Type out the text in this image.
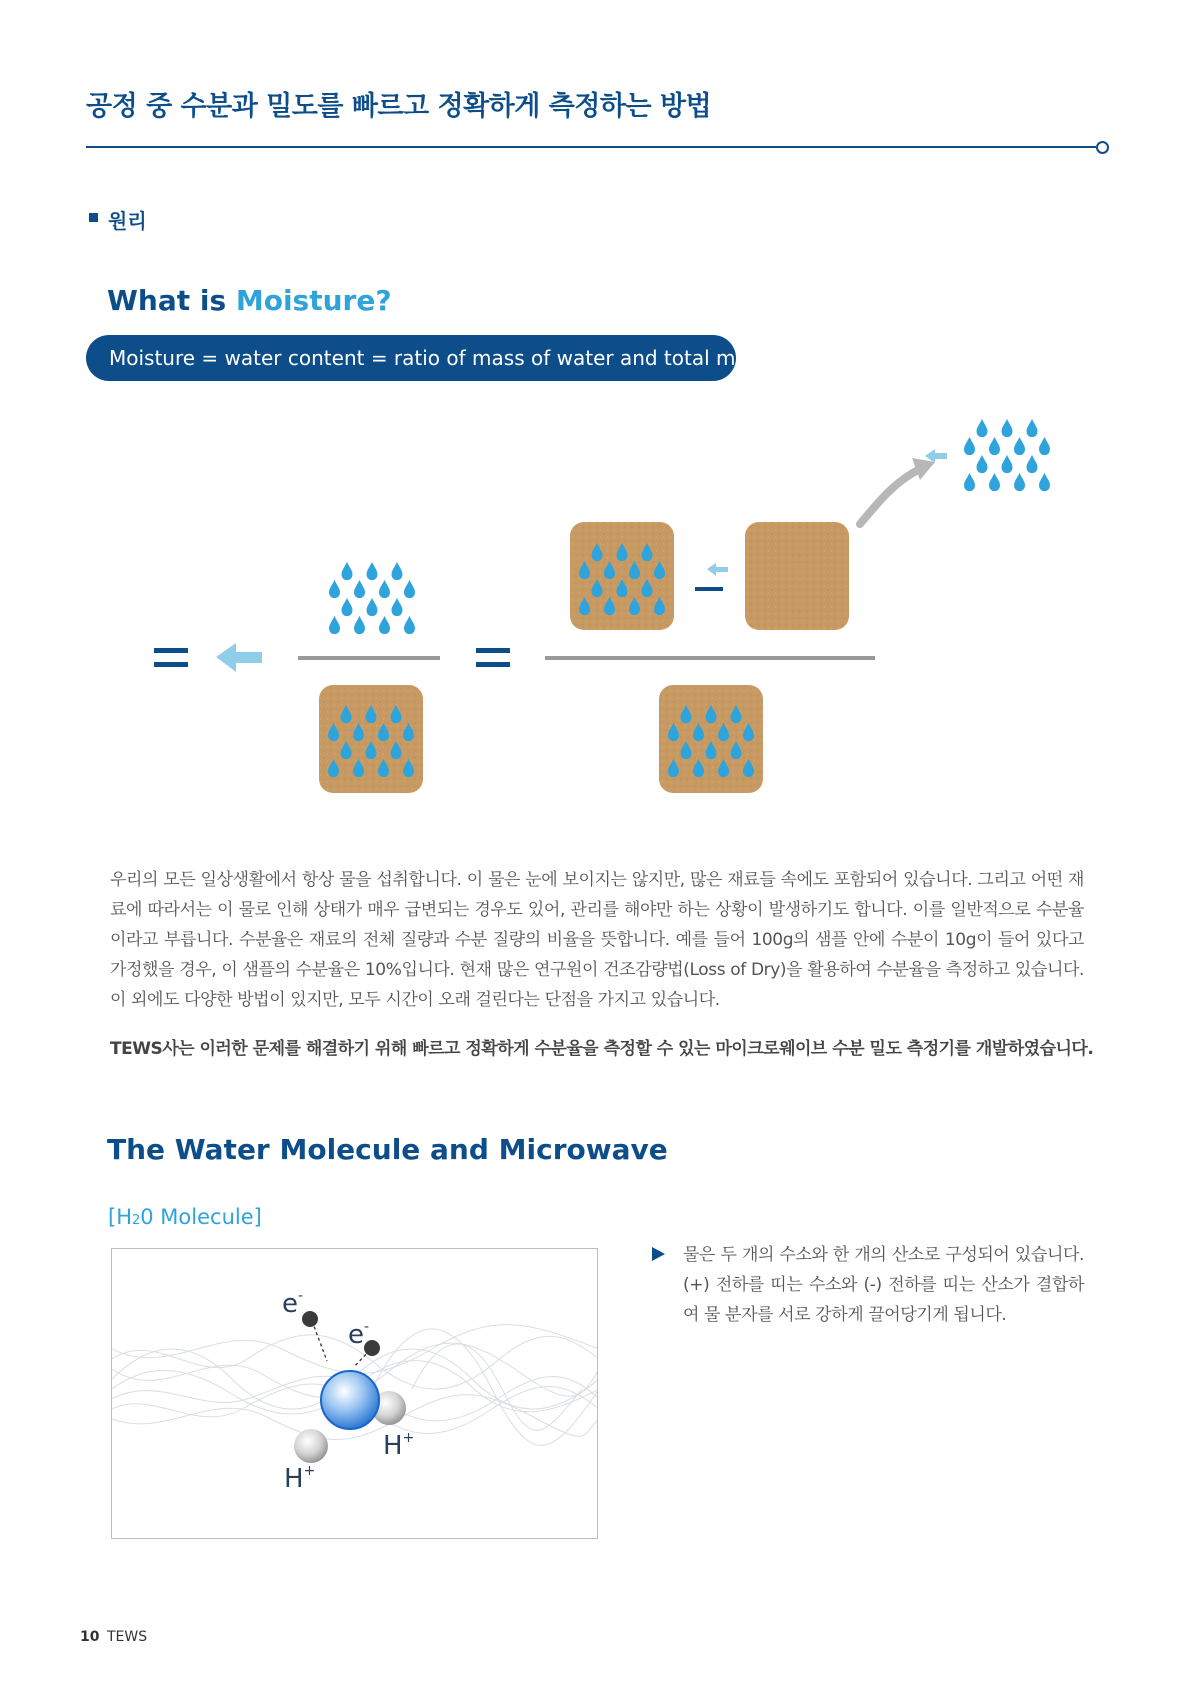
공정 중 수분과 밀도를 빠르고 정확하게 측정하는 방법
원리
What is Moisture?
Moisture = water content = ratio of mass of water and total mass

우리의 모든 일상생활에서 항상 물을 섭취합니다. 이 물은 눈에 보이지는 않지만, 많은 재료들 속에도 포함되어 있습니다. 그리고 어떤 재료에 따라서는 이 물로 인해 상태가 매우 급변되는 경우도 있어, 관리를 해야만 하는 상황이 발생하기도 합니다. 이를 일반적으로 수분율이라고 부릅니다. 수분율은 재료의 전체 질량과 수분 질량의 비율을 뜻합니다. 예를 들어 100g의 샘플 안에 수분이 10g이 들어 있다고 가정했을 경우, 이 샘플의 수분율은 10%입니다. 현재 많은 연구원이 건조감량법(Loss of Dry)을 활용하여 수분율을 측정하고 있습니다. 이 외에도 다양한 방법이 있지만, 모두 시간이 오래 걸린다는 단점을 가지고 있습니다.

TEWS사는 이러한 문제를 해결하기 위해 빠르고 정확하게 수분율을 측정할 수 있는 마이크로웨이브 수분 밀도 측정기를 개발하였습니다.
The Water Molecule and Microwave
[H20 Molecule]
e-
e-
H+
H+
물은 두 개의 수소와 한 개의 산소로 구성되어 있습니다. (+) 전하를 띠는 수소와 (-) 전하를 띠는 산소가 결합하여 물 분자를 서로 강하게 끌어당기게 됩니다.
10 TEWS
